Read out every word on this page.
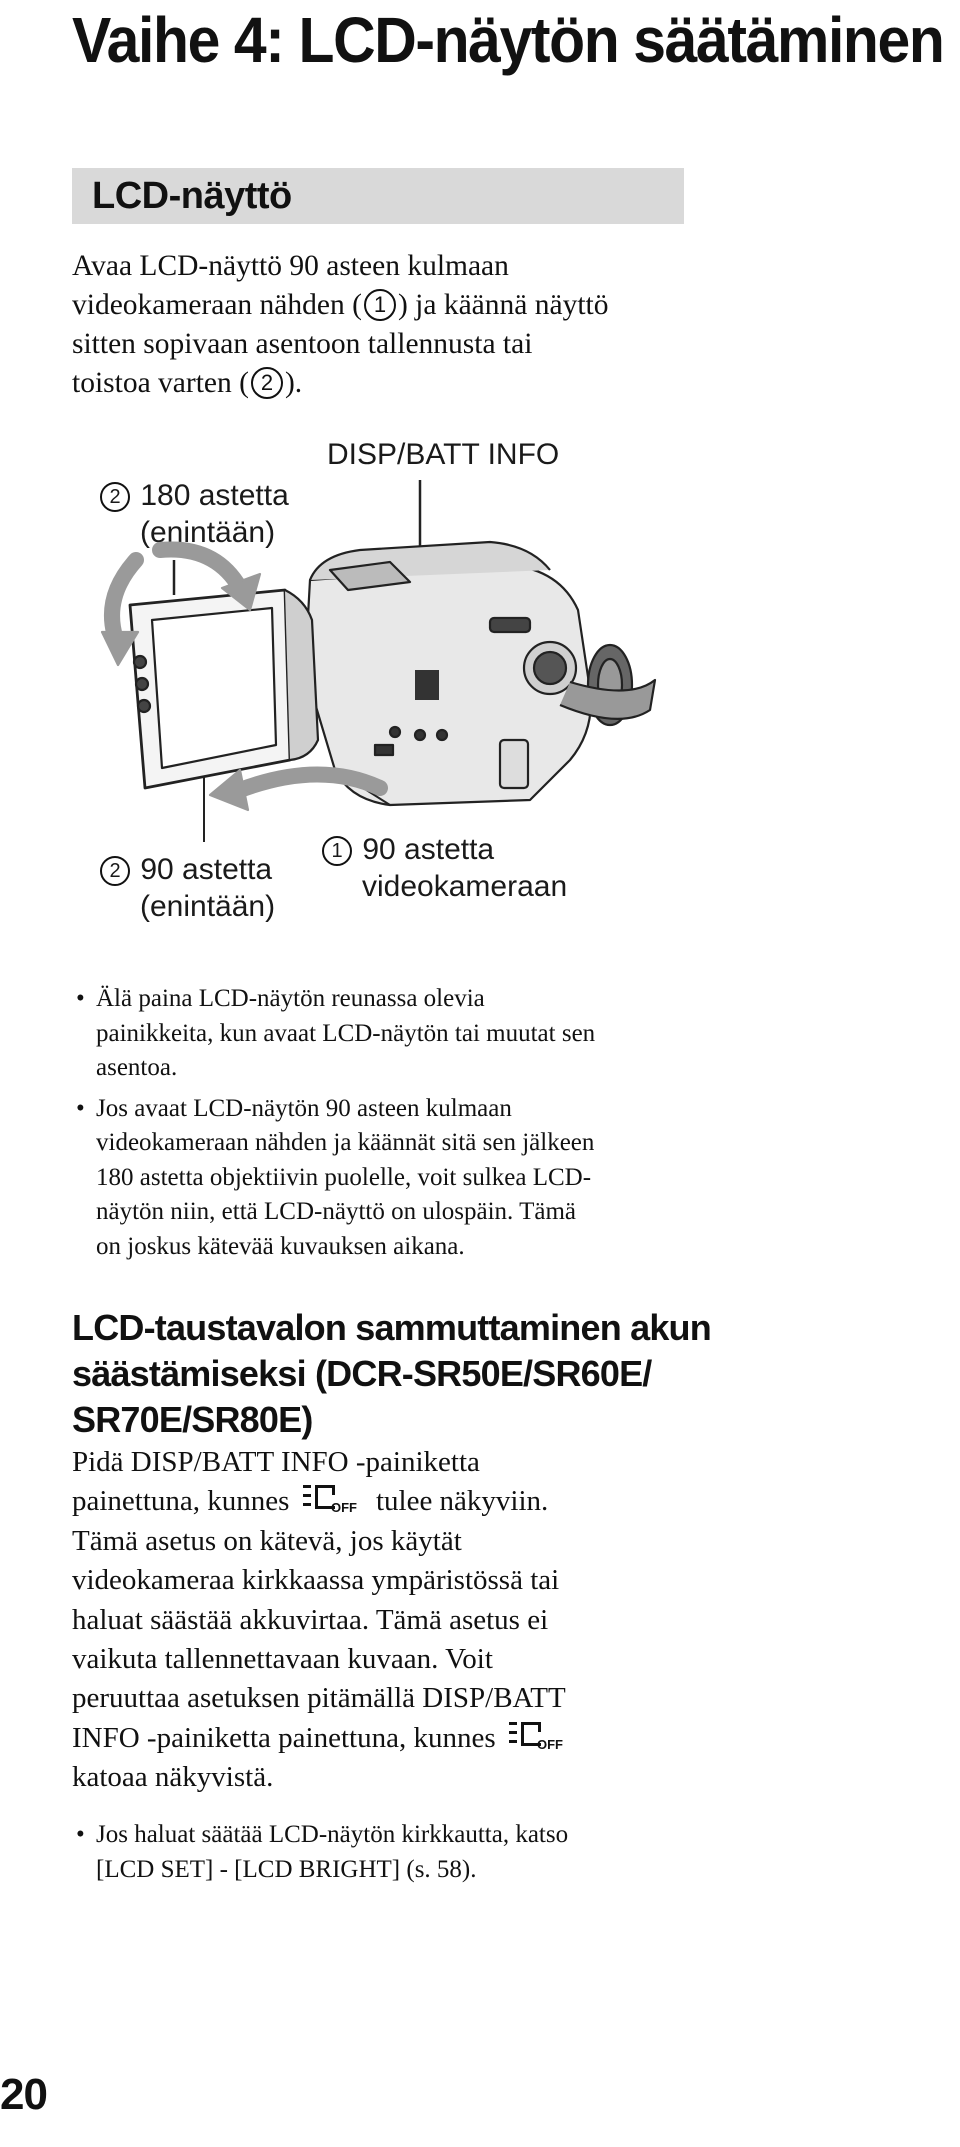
Vaihe 4: LCD-näytön säätäminen
LCD-näyttö
Avaa LCD-näyttö 90 asteen kulmaan
videokameraan nähden ( 1 ) ja käännä näyttö
sitten sopivaan asentoon tallennusta tai
toistoa varten ( 2 ).
2 180 astetta
(enintään)
DISP/BATT INFO
2 90 astetta
(enintään)
1 90 astetta
videokameraan
• Älä paina LCD-näytön reunassa olevia
painikkeita, kun avaat LCD-näytön tai muutat sen
asentoa.
• Jos avaat LCD-näytön 90 asteen kulmaan
videokameraan nähden ja käännät sitä sen jälkeen
180 astetta objektiivin puolelle, voit sulkea LCD-
näytön niin, että LCD-näyttö on ulospäin. Tämä
on joskus kätevää kuvauksen aikana.
LCD-taustavalon sammuttaminen akun
säästämiseksi (DCR-SR50E/SR60E/
SR70E/SR80E)
Pidä DISP/BATT INFO -painiketta
painettuna, kunnes	OFF tulee näkyviin.
Tämä asetus on kätevä, jos käytät
videokameraa kirkkaassa ympäristössä tai
haluat säästää akkuvirtaa. Tämä asetus ei
vaikuta tallennettavaan kuvaan. Voit
peruuttaa asetuksen pitämällä DISP/BATT
INFO -painiketta painettuna, kunnes	OFF
katoaa näkyvistä.
• Jos haluat säätää LCD-näytön kirkkautta, katso
[LCD SET] - [LCD BRIGHT] (s. 58).
20
